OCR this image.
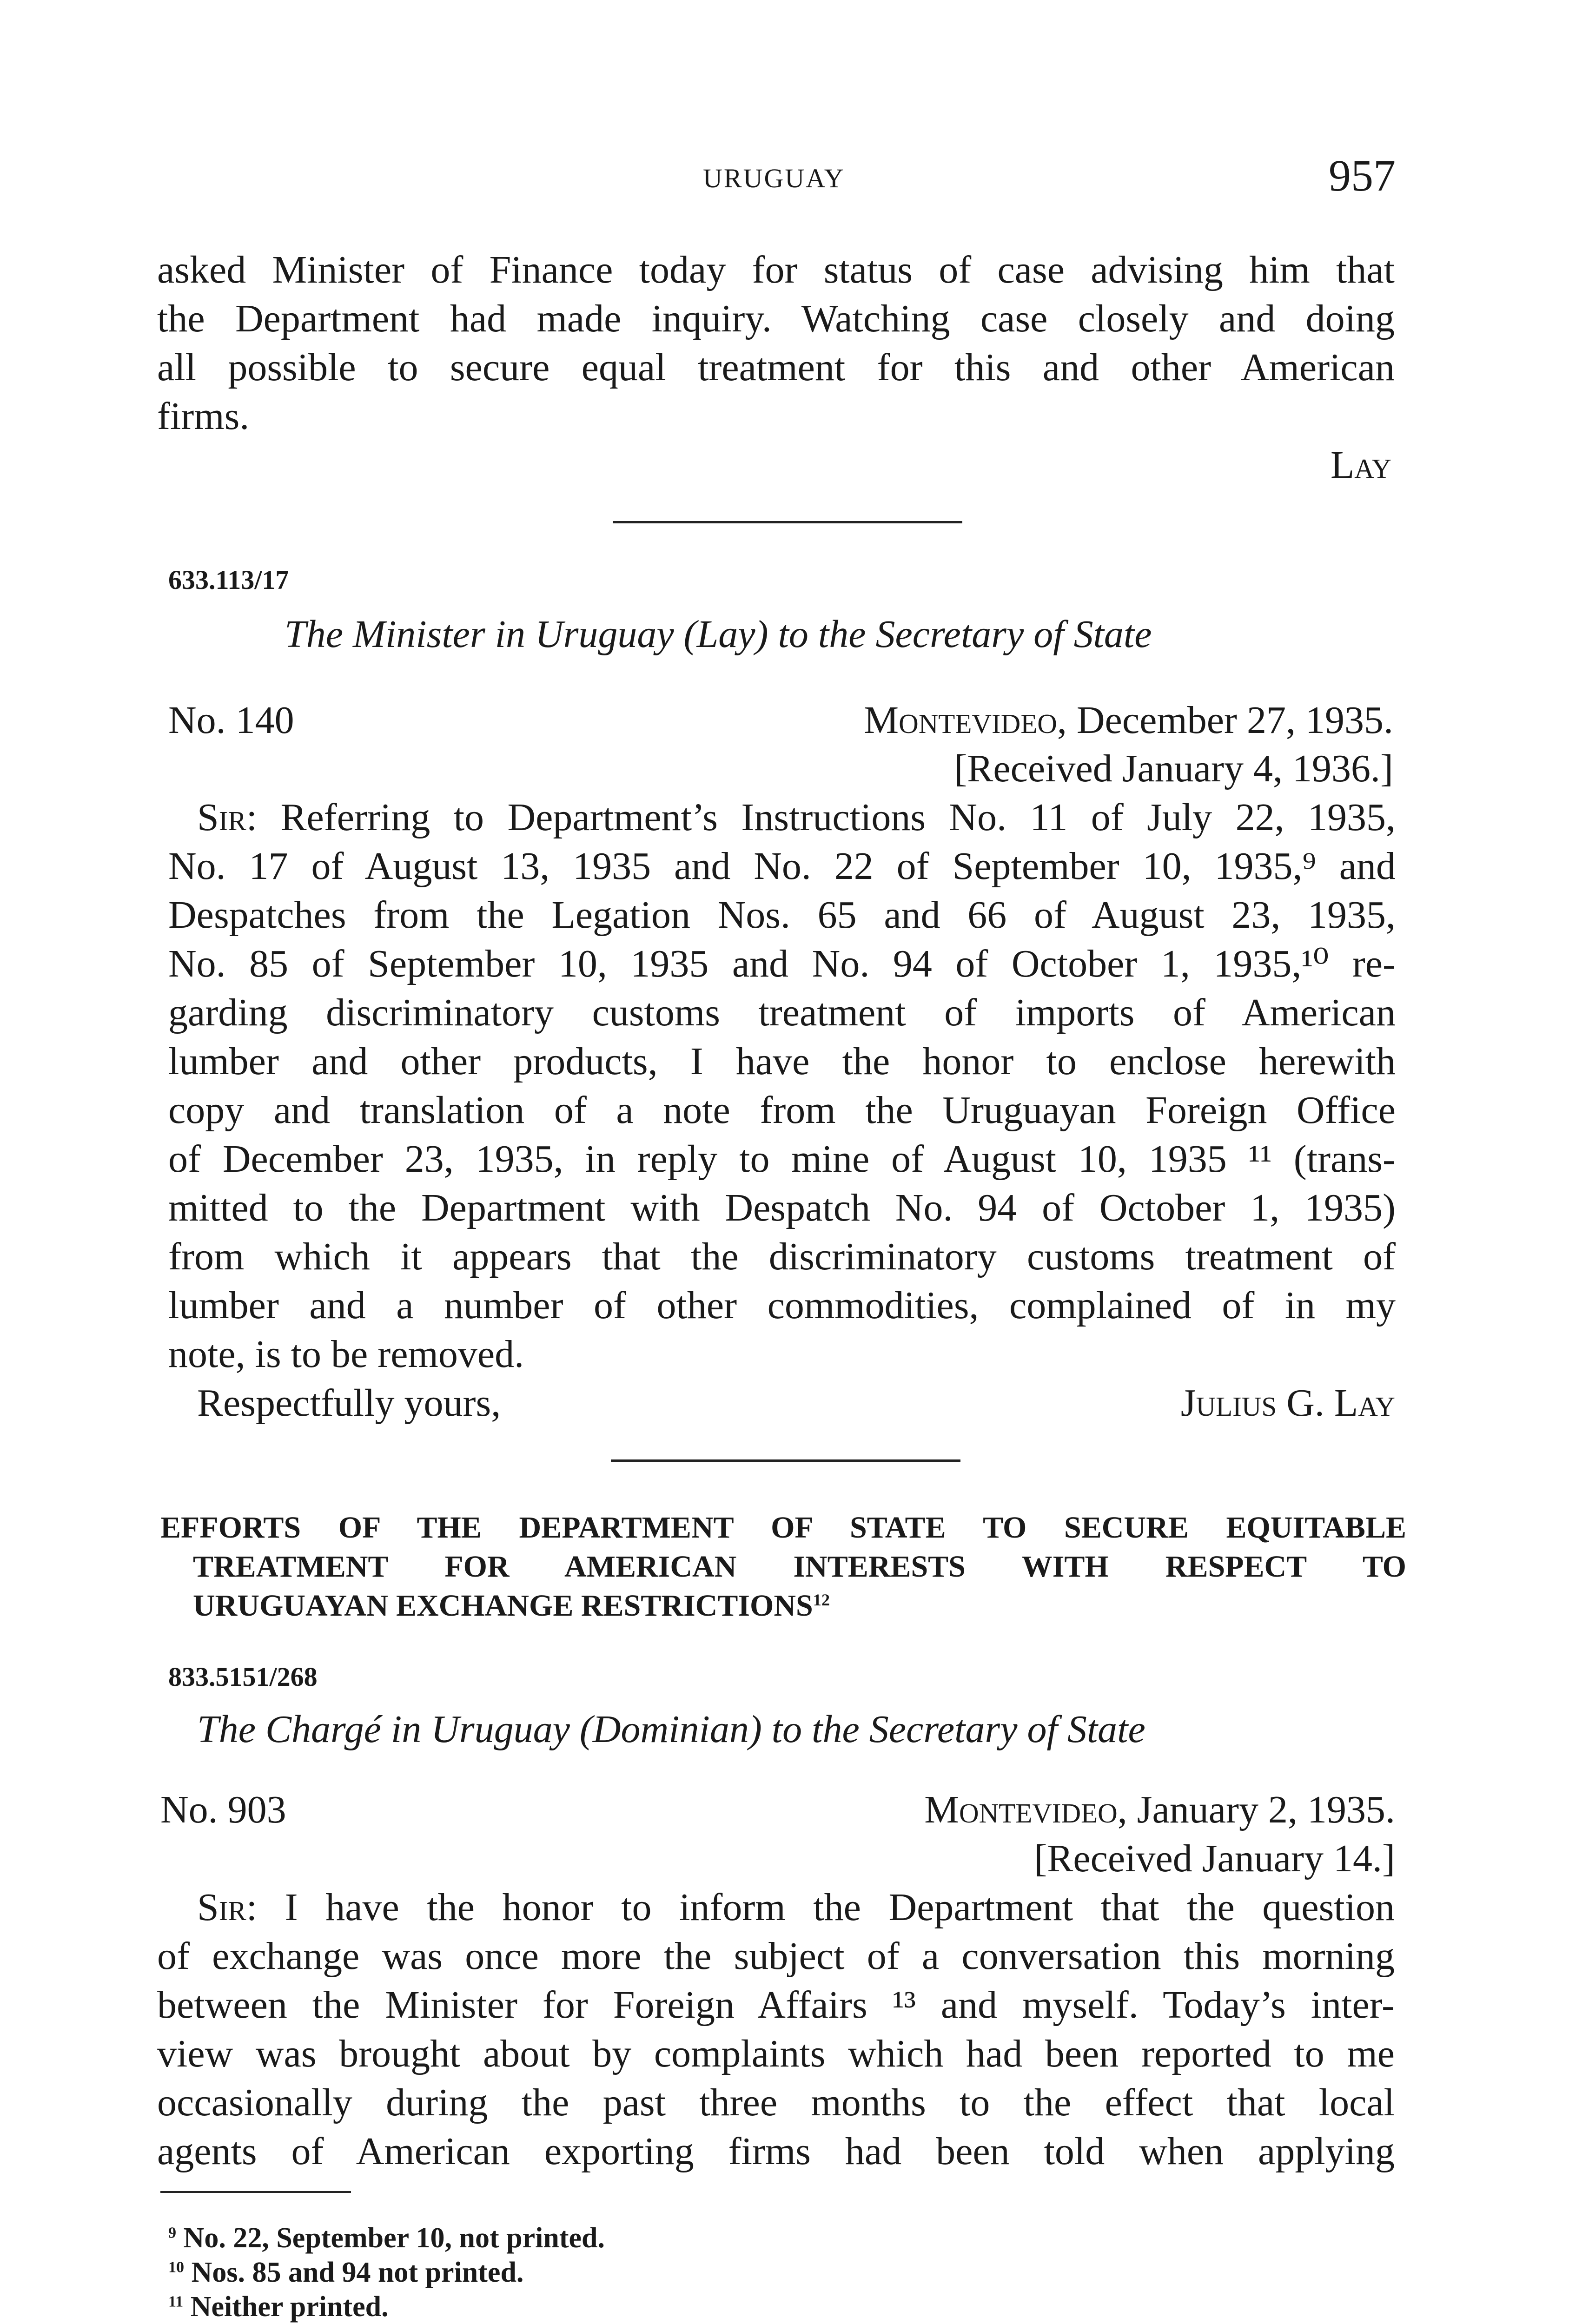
URUGUAY	957
asked Minister of Finance today for status of case advising him that
the Department had made inquiry. Watching case closely and doing
all possible to secure equal treatment for this and other American
firms.
Lay
633.113/17
The Minister in Uruguay (Lay) to the Secretary of State
No. 140	Montevideo, December 27, 1935.
[Received January 4, 1936.]
Sir: Referring to Department’s Instructions No. 11 of July 22, 1935,
No. 17 of August 13, 1935 and No. 22 of September 10, 1935,⁹ and
Despatches from the Legation Nos. 65 and 66 of August 23, 1935,
No. 85 of September 10, 1935 and No. 94 of October 1, 1935,¹⁰ re-
garding discriminatory customs treatment of imports of American
lumber and other products, I have the honor to enclose herewith
copy and translation of a note from the Uruguayan Foreign Office
of December 23, 1935, in reply to mine of August 10, 1935 ¹¹ (trans-
mitted to the Department with Despatch No. 94 of October 1, 1935)
from which it appears that the discriminatory customs treatment of
lumber and a number of other commodities, complained of in my
note, is to be removed.
Respectfully yours,	Julius G. Lay
EFFORTS OF THE DEPARTMENT OF STATE TO SECURE EQUITABLE
TREATMENT FOR AMERICAN INTERESTS WITH RESPECT TO
URUGUAYAN EXCHANGE RESTRICTIONS$^{12}$
833.5151/268
The Chargé in Uruguay (Dominian) to the Secretary of State
No. 903	Montevideo, January 2, 1935.
[Received January 14.]
Sir: I have the honor to inform the Department that the question
of exchange was once more the subject of a conversation this morning
between the Minister for Foreign Affairs ¹³ and myself. Today’s inter-
view was brought about by complaints which had been reported to me
occasionally during the past three months to the effect that local
agents of American exporting firms had been told when applying
$^9$ No. 22, September 10, not printed.
$^{10}$ Nos. 85 and 94 not printed.
$^{11}$ Neither printed.
